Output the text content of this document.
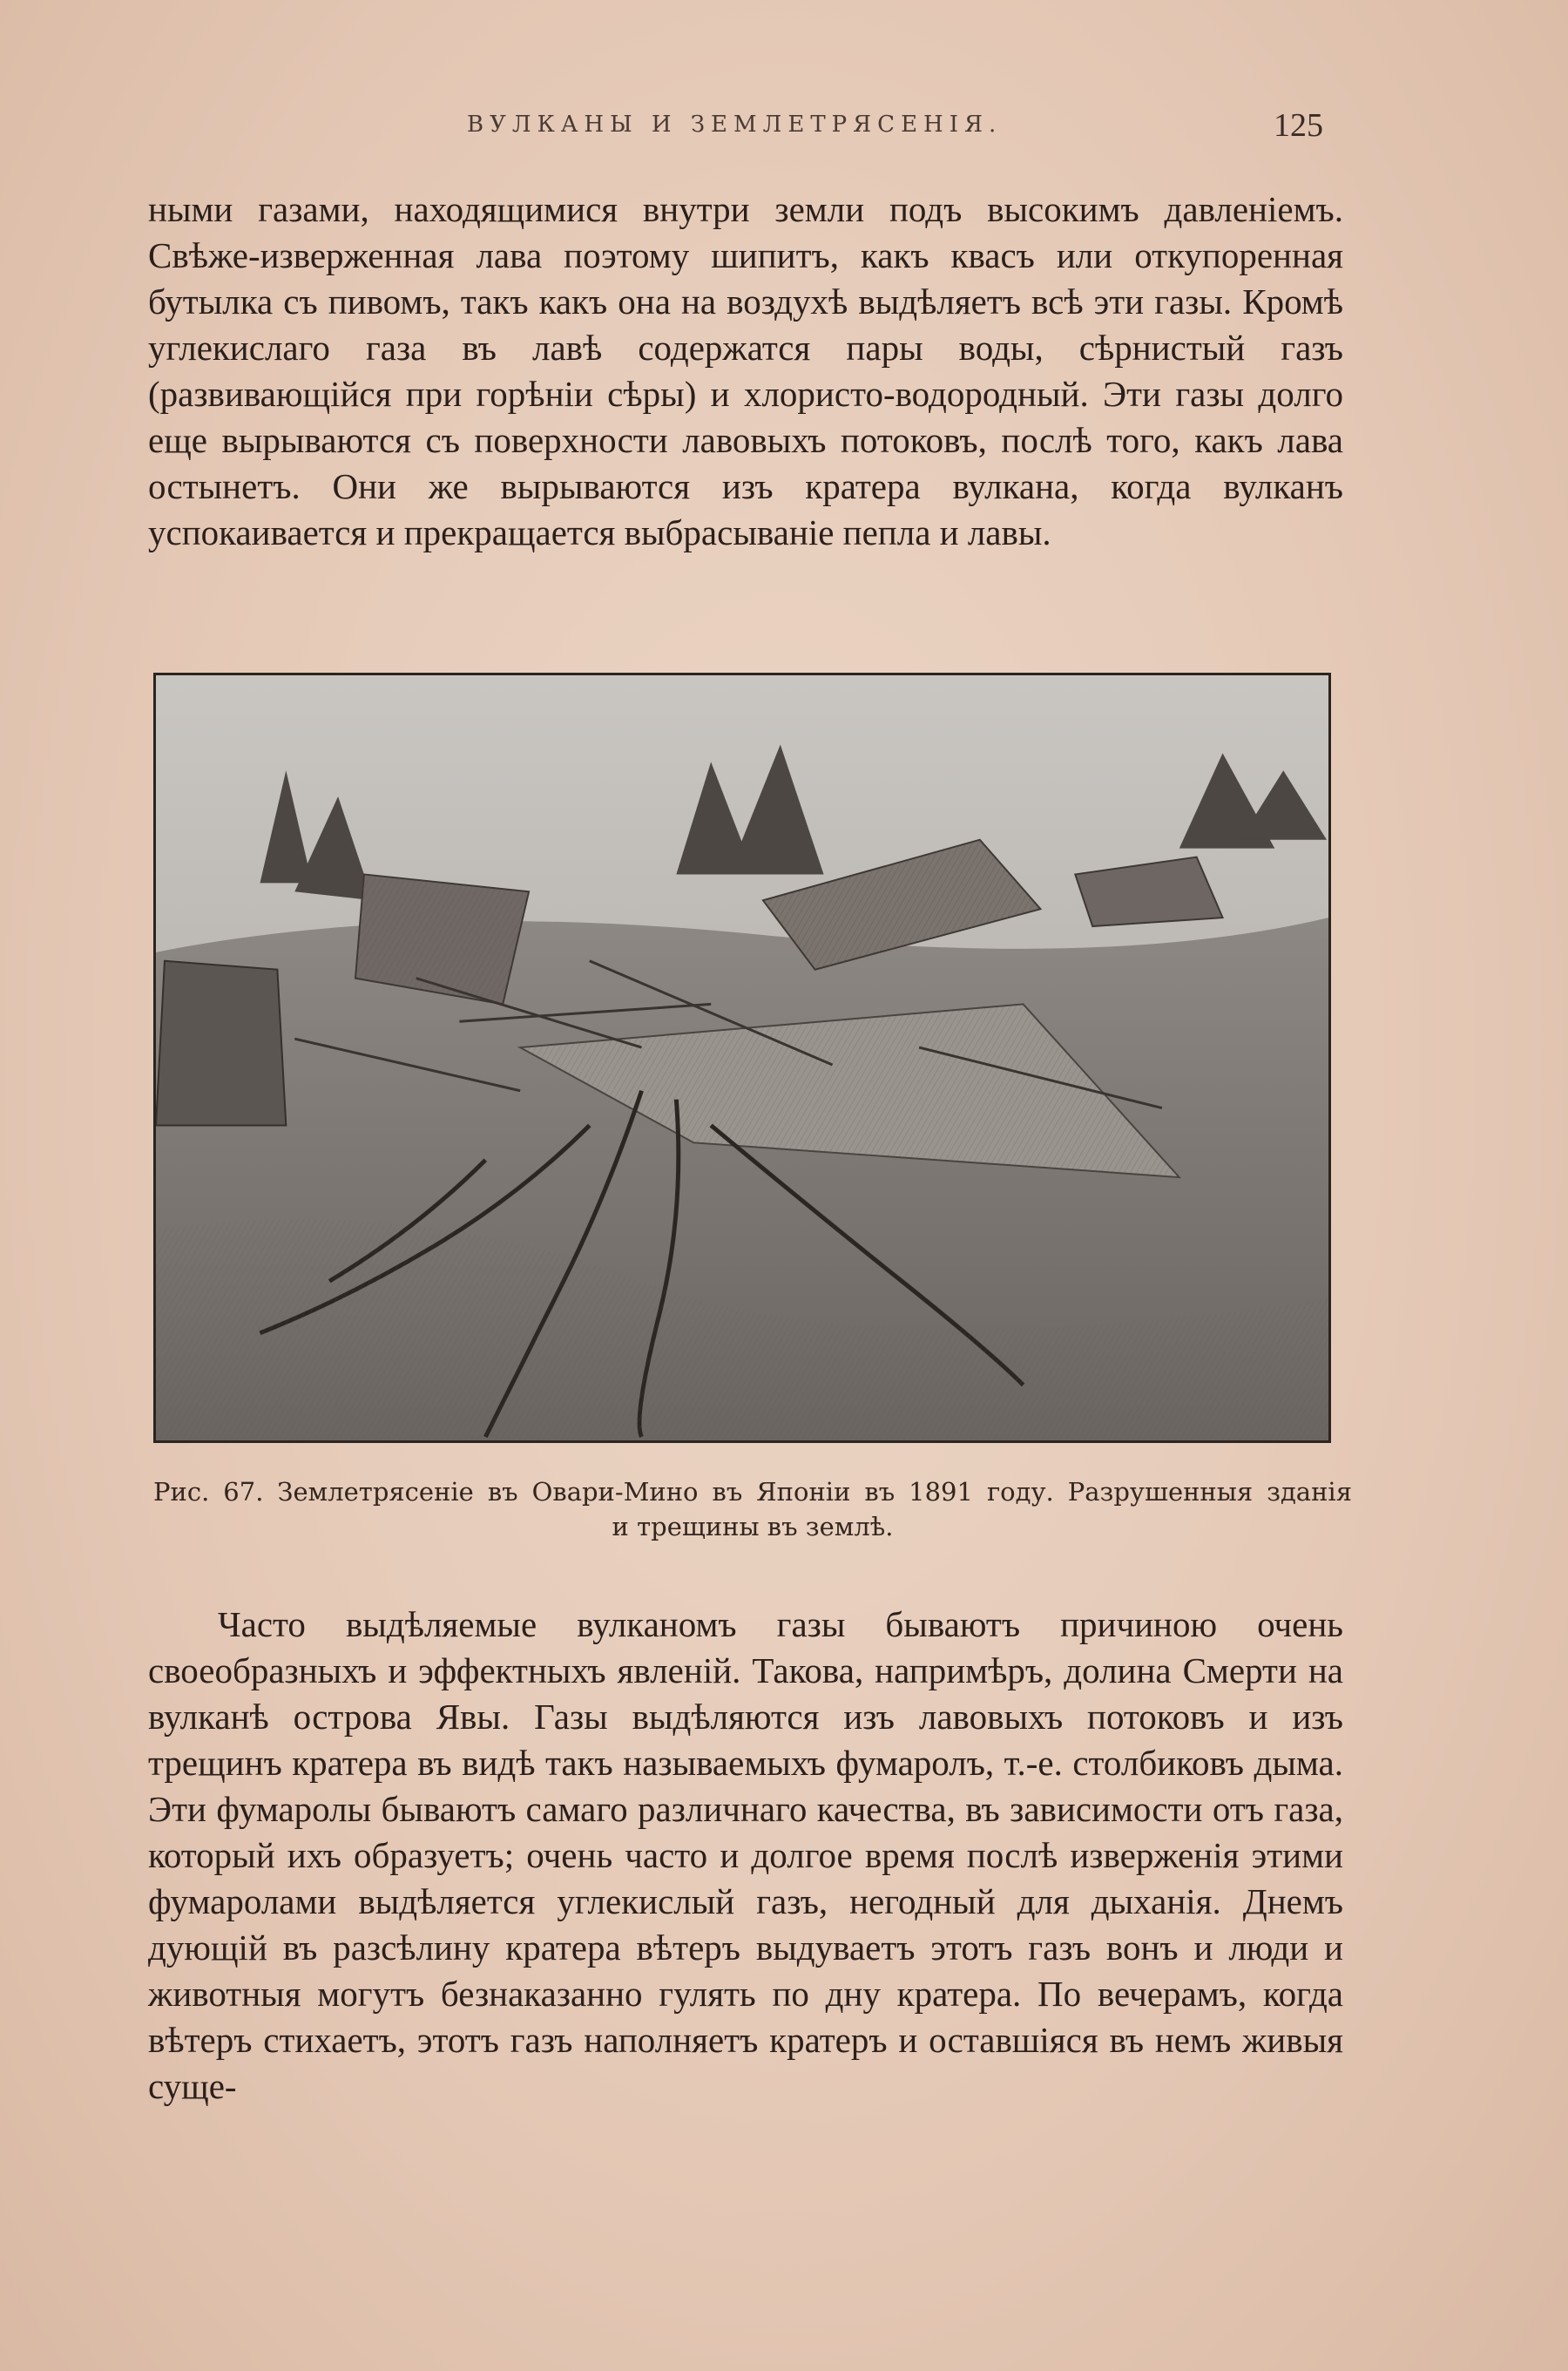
ВУЛКАНЫ И ЗЕМЛЕТРЯСЕНІЯ.	125
ными газами, находящимися внутри земли подъ высокимъ давленіемъ. Свѣже-изверженная лава поэтому шипитъ, какъ квасъ или откупоренная бутылка съ пивомъ, такъ какъ она на воздухѣ выдѣляетъ всѣ эти газы. Кромѣ углекислаго газа въ лавѣ содержатся пары воды, сѣрнистый газъ (развивающійся при горѣніи сѣры) и хлористо-водородный. Эти газы долго еще вырываются съ поверхности лавовыхъ потоковъ, послѣ того, какъ лава остынетъ. Они же вырываются изъ кратера вулкана, когда вулканъ успокаивается и прекращается выбрасываніе пепла и лавы.
Рис. 67. Землетрясеніе въ Овари-Мино въ Японіи въ 1891 году. Разрушенныя зданія
и трещины въ землѣ.
Часто выдѣляемые вулканомъ газы бываютъ причиною очень своеобразныхъ и эффектныхъ явленій. Такова, напримѣръ, долина Смерти на вулканѣ острова Явы. Газы выдѣляются изъ лавовыхъ потоковъ и изъ трещинъ кратера въ видѣ такъ называемыхъ фумаролъ, т.-е. столбиковъ дыма. Эти фумаролы бываютъ самаго различнаго качества, въ зависимости отъ газа, который ихъ образуетъ; очень часто и долгое время послѣ изверженія этими фумаролами выдѣляется углекислый газъ, негодный для дыханія. Днемъ дующій въ разсѣлину кратера вѣтеръ выдуваетъ этотъ газъ вонъ и люди и животныя могутъ безнаказанно гулять по дну кратера. По вечерамъ, когда вѣтеръ стихаетъ, этотъ газъ наполняетъ кратеръ и оставшіяся въ немъ живыя суще-
